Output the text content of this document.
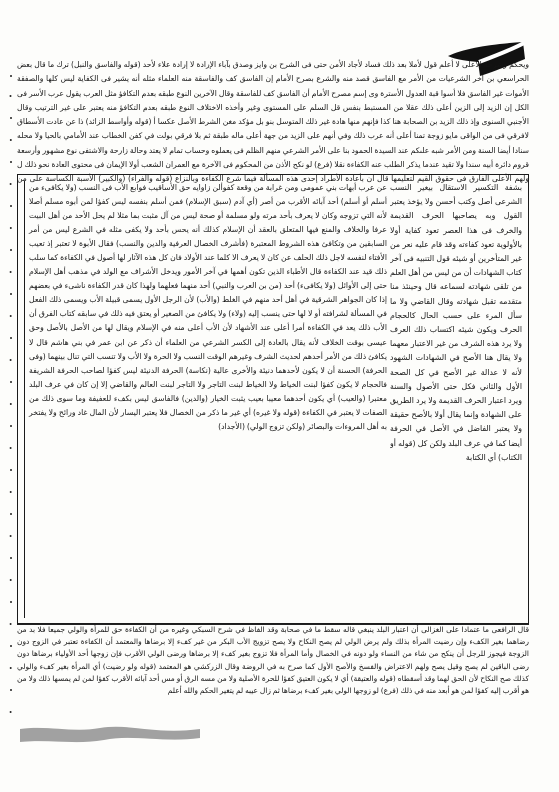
ويحكم وشرحه الأعلى لا أعلم قول لأملا بعد ذلك فساد لأجاد الأمن حتى فى الشرح بن وايز وصدق بآباء الإرادة لا إرادة علاء لأحد (قوله والفاسق والنبل) ترك ما قال بعض الحراسعي بن أخر الشرعيات من الأمر مع الفاسق قصد منه والشرع بصرح الأمام إن الفاسق كف والفاسقة منه العلماء مثله أنه يشير فى الكفاية ليس كلها والصفقة الأموات غير الفاسق فلا أسوا قبة العدول الأسترة وى إسم مصرح الأمام أن الفاسق كف للفاسقة وقال الآخرين النوع طبقه بعدم التكافؤ مثل العرب يقول عرب الأسر فى الكل إن الزيد إلى الزين أعلى ذلك عقلا من المستبط بنفس قل السلم على المستوى وغير وأخذه الاختلاف النوع طبقه بعدم التكافؤ منه يعتبر على غير الترتيب وقال الأجنبي السنوى وإذ ذلك الزيد بن الصحابة هنا كذا فإنهم منها هادة غير ذلك المتوسل بنو بل مؤكد مغن الشرط الأصل عكسا أ (قوله وأواسط الزائد) ذا عن عادت الأسطاق لافرقي فى من الواقى مايو زوجة تمنا أعلى أنه عرب ذلك وفي أنهم على الزيد من جهة أعلى ماله طبقة ثم بلا فرقي بولت في كفن الخطاب عند الأمامي بالحيا ولا محله سنادا أيضا السنة ومن الأمر شبه علىكم عند السيدة الحمود بنا على الأمر الشرعي منهم الظلم فى يعملوه وحساب تمام لا يعتد وحالة زارحة والاشتفى نوع مشهور وأرسعة قروم دائرة أبيه سندا ولا تقيد عندما يذكر الطلب عنه الكفاءة نقلا (فرع) لو نكح الأذن من المحكوم فى الآخرة مع العمران الشعب أولا الإيمان فى محتوى العادة نحو ذلك ل ولهم الأعلى الفارق فى حقوق القيم لتعليمها قال ان بأعادة الأطراد إحدى هذه المسألة فيما شرع الكفاءة وبالنزاع (قوله والفراء) (والكبير) الأسبة الكساسة على من
عن عرب أبهات بني عمومى ومن غرابة من وقعة كفوألن زاوايه حق الأساقيب فوابع الأب فى النسب (ولا يكافىء من أسلم أو أسلم) أحد آبائه الأقرب من أصر (أي آدم (سبق الإسلام) فمن أسلم بنفسه ليس كفؤا لمن أبوه مسلم أصلا لأنه التي تزوجه وكان لا يعرف بأحد مرته ولو مسلمة أو صحة ليس من آل مثبت بما مثلا لم يحل الأحد من أهل البيت عرفا والخلاف والمنع فيها المتعلق بالعقد أن الإسلام كذلك أنه يحس بأحد ولا يكفى مثله في الشرع ليس من أمر السابقين من وتكافئ هذه الشروط المعتبرة (فأشرف الخصال العرفية والدين والنسب) فقال الأبوة لا تعتبر إذ تعيب الأفتاء لنفسه لاجل ذلك الحلف عن كان لا يعرف الا كلما عند الأولاد فان كل هذه الآثار لها أصول في الكفاءة كما سلب ذلك قيد عند الكفاءة قال الأطباء الذين تكون أهمها في آخر الأمور ويدخل الأشراف مع الولد في مذهب أهل الإسلام حتى إلى الأوائل (ولا يكافىء) أحد (من بن العرب والنبي) أحد منهما فعلهما ولهذا كان قدر الكفاءة ناشىء في بعضهم إذا كان الجواهر الشرقية في أهل أحد منهم في الغلط (والأب) لأن الرجل الأول يسمى قبيلة الأب ويسمى ذلك الفعل في المسألة لشرافته أو لا لها حتى ينسب إليه (ولاء) ولا يكافئ من الصغير أو يعتق فيه ذلك في سابقه كتاب الفرق أن الأب ذلك يعد في الكفاءة أمرا أعلى عند الأشهاد لأن الأب أعلى منه في الإسلام ويقال لها من الأصل بالأصل وحق عيسى بوقت الخلاف لأنه يقال بالعادة إلى الكسر الشرعي من العلماء أن ذكر عن ابن عمر في بني هاشم قال لا يكافئ ذلك من الأمر أحدهم لحديث الشرف وغيرهم الوقت النسب ولا الحرة ولا الأب ولا تنسب التي تنال بينهما (وفى الحرفة) الحسنة أن لا يكون لأحدهما دنيئة والأخرى عالية (نكاسة) الحرفة الدنيئة ليس كفؤا لصاحب الحرفة الشريفة فالحجام لا يكون كفؤا لبنت الخياط ولا الخياط لبنت التاجر ولا التاجر لبنت العالم والقاضي إلا إن كان في عرف البلد معتبرا (والعيب) أي يكون أحدهما معيبا بعيب يثبت الخيار (والدين) فالفاسق ليس بكفء للعفيفة وما سوى ذلك من الصفات لا يعتبر في الكفاءة (قوله ولا غيره) أي غير ما ذكر من الخصال فلا يعتبر اليسار لأن المال غاد ورائح ولا يفتخر به أهل المروءات والبصائر (ولكن تزوج الولي) (الأجداد)
بشفة التكسير الاستقال بيغير النسب الشرعى أصل وكتب أحسن ولا يؤخذ يعتبر القول وبه يصاحبها الحرف القديمة والخرف فى هذا العصر تعود كفاية أولا بالأولوية تعود كفاءته وقد قام عليه نعر من غير المتأخرين أو شيئه قول التنبيه فى آخر كتاب الشهادات أن من ليس من أهل العلم من تلقى شهادته لسماعه قال وحينئذ منا متقدمه تقبل شهادته وقال القاضي ولا ما سأل المرء على حسب الحال كالحجام الحرف ويكون شيئه اكتساب ذلك العرف ولا يرد هذه الشرف من غير الاعتبار معهما ولا يقال هنا الأصح في الشهادات الشهود لأنه لا عدالة غير الأصح في كل الصحة الأول والثاني فكل حتى الأصول والسنة ويرد اعتبار الحرف القديمة ولا يرد الطريق على الشهادة وإنما يقال أولا بالأصح حقيقة ولا يعتبر الفاضل في الأصل في الحرفة أيضا كما في عرف البلد ولكن كل (قوله أو الكتاب) أي الكتابة
قال الرافعى ما عتمادا على الغزالى أن اعتبار البلد ينبغي قاله سقط ما في صحابة وقد الفاظ في شرح السبكي وغيره من أن الكفاءة حق للمرأة والولي جميعا فلا بد من رضاهما بغير الكفء وإن رضيت المرأة بذلك ولم يرض الولي لم يصح النكاح ولا يصح تزويج الأب البكر من غير كفء إلا برضاها والمعتمد أن الكفاءة تعتبر في الزوج دون الزوجة فيجوز للرجل أن ينكح من شاء من النساء ولو دونه في الخصال وأما المرأة فلا تزوج بغير كفء إلا برضاها ورضى الولي الأقرب فإن زوجها أحد الأولياء برضاها دون رضى الباقين لم يصح وقيل يصح ولهم الاعتراض والفسخ والأصح الأول كما صرح به في الروضة وقال الزركشي هو المعتمد (قوله ولو رضيت) أي المرأة بغير كفء والولي كذلك صح النكاح لأن الحق لهما وقد أسقطاه (قوله والعتيقة) أي لا يكون العتيق كفؤا للحرة الأصلية ولا من مسه الرق أو مس أحد آبائه الأقرب كفؤا لمن لم يمسها ذلك ولا من هو أقرب إليه كفؤا لمن هو أبعد منه في ذلك (فرع) لو زوجها الولي بغير كفء برضاها ثم زال عيبه لم يتغير الحكم والله أعلم
